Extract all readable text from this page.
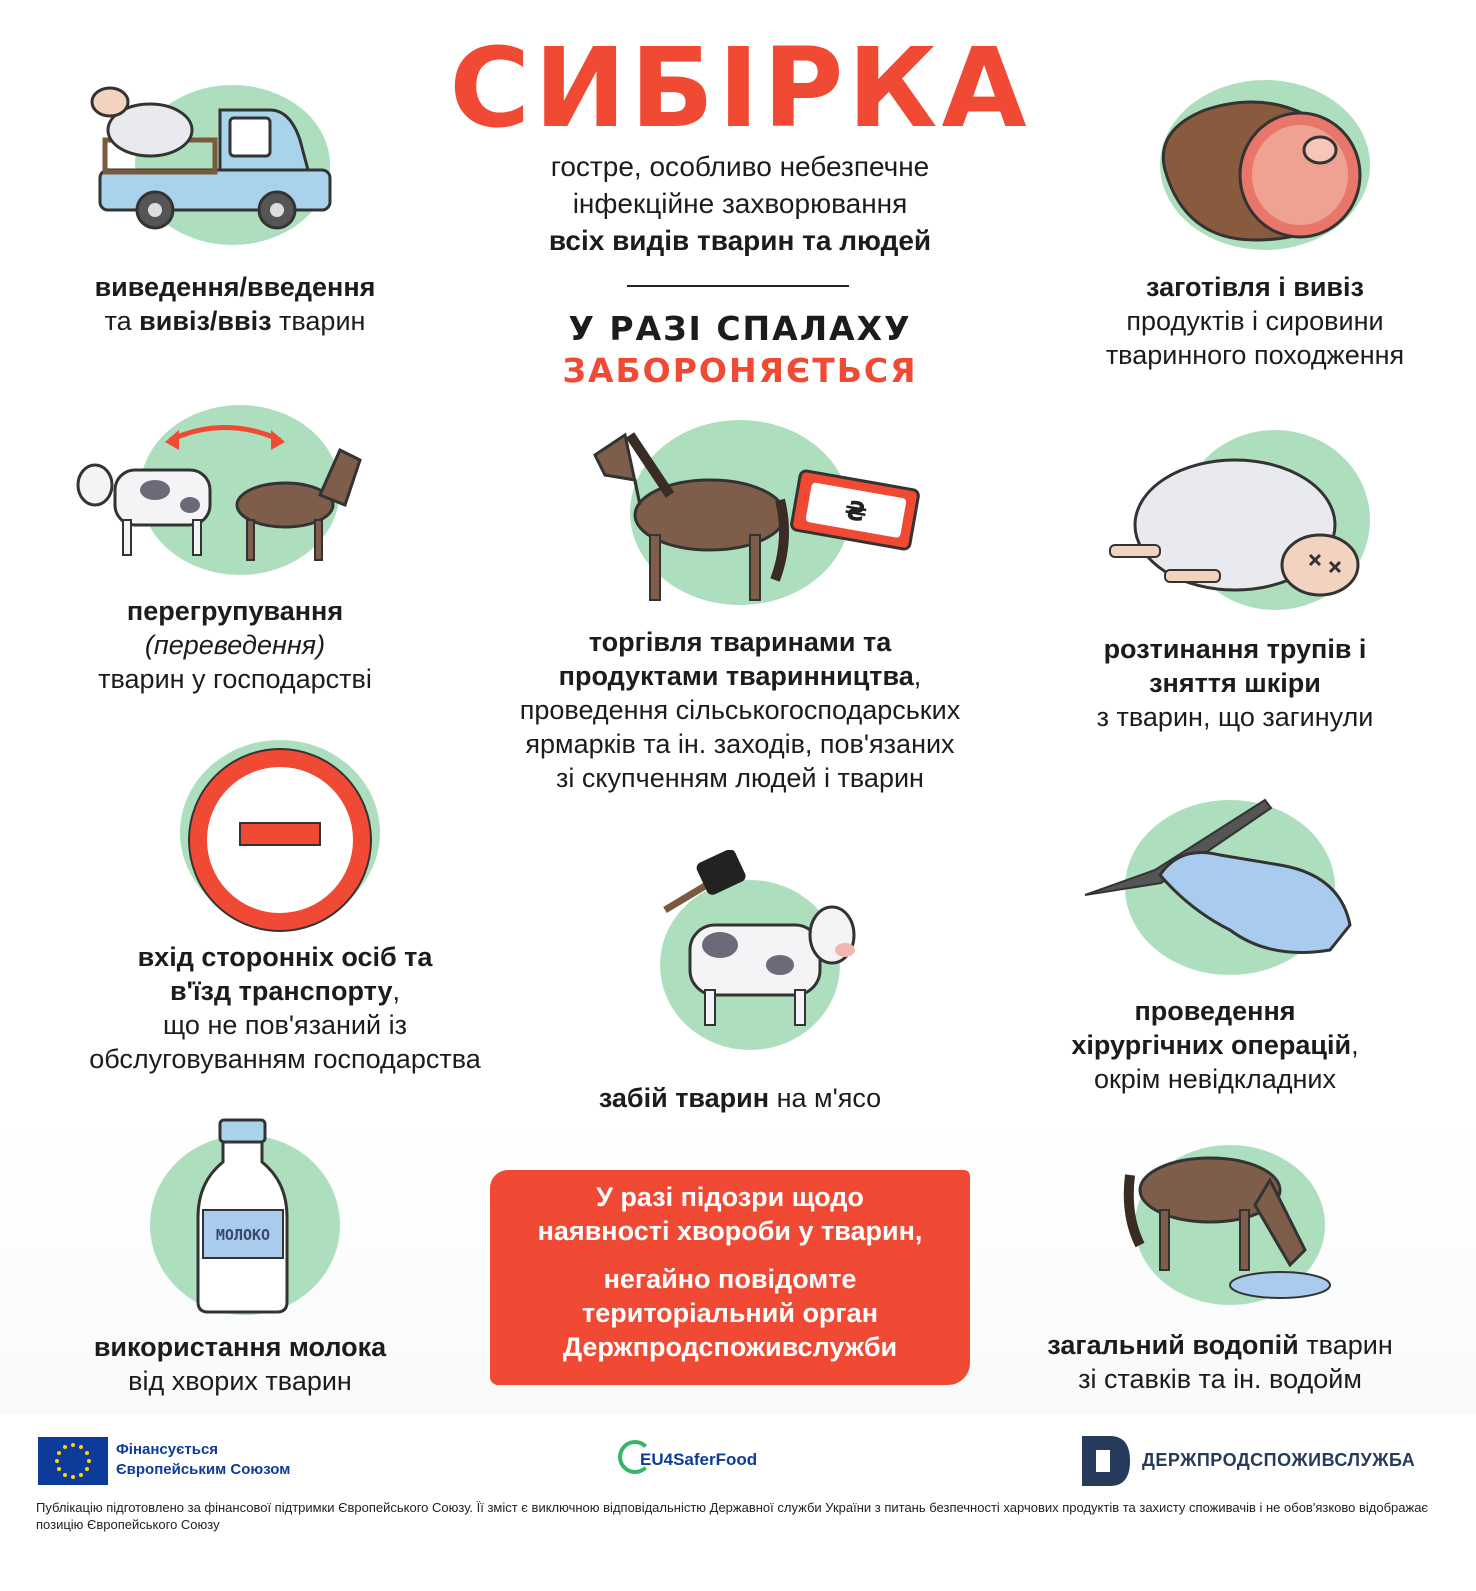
СИБІРКА
гостре, особливо небезпечне
інфекційне захворювання
всіх видів тварин та людей
У РАЗІ СПАЛАХУ
ЗАБОРОНЯЄТЬСЯ
виведення/введення
та вивіз/ввіз тварин
заготівля і вивіз
продуктів і сировини
тваринного походження
перегрупування
(переведення)
тварин у господарстві
₴
торгівля тваринами та
продуктами тваринництва,
проведення сільськогосподарських
ярмарків та ін. заходів, пов'язаних
зі скупченням людей і тварин
розтинання трупів і
зняття шкіри
з тварин, що загинули
вхід сторонніх осіб та
в'їзд транспорту,
що не пов'язаний із
обслуговуванням господарства
забій тварин на м'ясо
проведення
хірургічних операцій,
окрім невідкладних
МОЛОКО
використання молока
від хворих тварин
загальний водопій тварин
зі ставків та ін. водойм
У разі підозри щодо
наявності хвороби у тварин,
негайно повідомте
територіальний орган
Держпродспоживслужби
Фінансується
Європейським Союзом
EU4SaferFood	ДЕРЖПРОДСПОЖИВСЛУЖБА
Публікацію підготовлено за фінансової підтримки Європейського Союзу. Її зміст є виключною відповідальністю Державної служби України з питань безпечності харчових продуктів та захисту споживачів і не обов'язково відображає позицію Європейського Союзу
